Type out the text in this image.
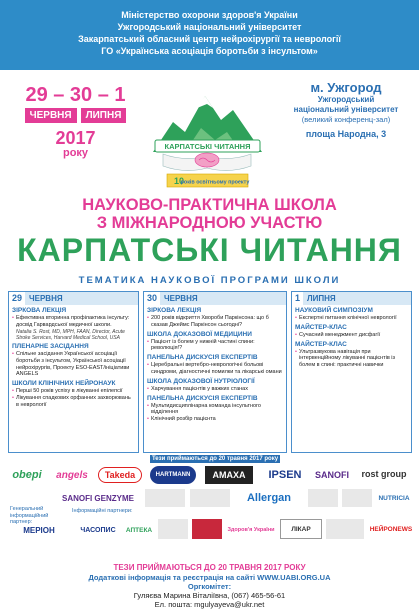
Міністерство охорони здоров'я України
Ужгородський національний університет
Закарпатський обласний центр нейрохірургії та неврології
ГО «Українська асоціація боротьби з інсультом»
29 – 30 – 1
ЧЕРВНЯ	ЛИПНЯ
2017
року
КАРПАТСЬКІ ЧИТАННЯ
10
років освітньому проекту
м. Ужгород
Ужгородський
національний університет
(великий конференц-зал)
площа Народна, 3
НАУКОВО-ПРАКТИЧНА ШКОЛА
З МІЖНАРОДНОЮ УЧАСТЮ
КАРПАТСЬКІ ЧИТАННЯ
ТЕМАТИКА НАУКОВОЇ ПРОГРАМИ ШКОЛИ
29 ЧЕРВНЯ
ЗІРКОВА ЛЕКЦІЯ
• Ефективна вторинна профілактика інсульту: досвід Гарвардської медичної школи.
Natalia S. Rost, MD, MPH, FAAN, Director, Acute Stroke Services, Harvard Medical School, USA
ПЛЕНАРНЕ ЗАСІДАННЯ
• Спільне засідання Української асоціації боротьби з інсультом, Української асоціації нейрохірургів, Проекту ESO-EAST/ініціативи ANGELS
ШКОЛИ КЛІНІЧНИХ НЕЙРОНАУК
• Перші 50 років успіху в лікуванні епілепсії
• Лікування спадкових орфанних захворювань в неврології
30 ЧЕРВНЯ
ЗІРКОВА ЛЕКЦІЯ
• 200 років відкриття Хвороби Паркінсона: що б сказав Джеймс Паркінсон сьогодні?
ШКОЛА ДОКАЗОВОЇ МЕДИЦИНИ
• Пацієнт із болем у нижній частині спини: революція!?
ПАНЕЛЬНА ДИСКУСІЯ ЕКСПЕРТІВ
• Церебральні вертебро-неврологічні больові синдроми, діагностичні помилки та лікарські омани
ШКОЛА ДОКАЗОВОЇ НУТРІОЛОГІЇ
• Харчування пацієнтів у важких станах
ПАНЕЛЬНА ДИСКУСІЯ ЕКСПЕРТІВ
• Мультидисциплінарна команда інсультного відділення
• Клінічний розбір пацієнта
1 ЛИПНЯ
НАУКОВИЙ СИМПОЗІУМ
• Експертні питання клінічної неврології
МАЙСТЕР-КЛАС
• Сучасний менеджмент дисфагії
МАЙСТЕР-КЛАС
• Ультразвукова навігація при інтервенційному лікуванні пацієнтів із болем в спині: практичні навички
Тези приймаються до 20 травня 2017 року
obepi	angels	Takeda	HARTMANN	AMAXA	IPSEN	SANOFI	rost group
SANOFI GENZYME	Allergan	NUTRICIA
Генеральний інформаційний партнер:
Інформаційні партнери:
МЕРІОН	ЧАСОПИС	АПТЕКА	Здоров'я України	ЛІКАР	НЕЙРОNEWS
ТЕЗИ ПРИЙМАЮТЬСЯ ДО 20 ТРАВНЯ 2017 РОКУ
Додаткові інформація та реєстрація на сайті WWW.UABI.ORG.UA
Оргкомітет:
Гуляєва Марина Віталіївна, (067) 465-56-61
Ел. пошта: mgulyayeva@ukr.net
